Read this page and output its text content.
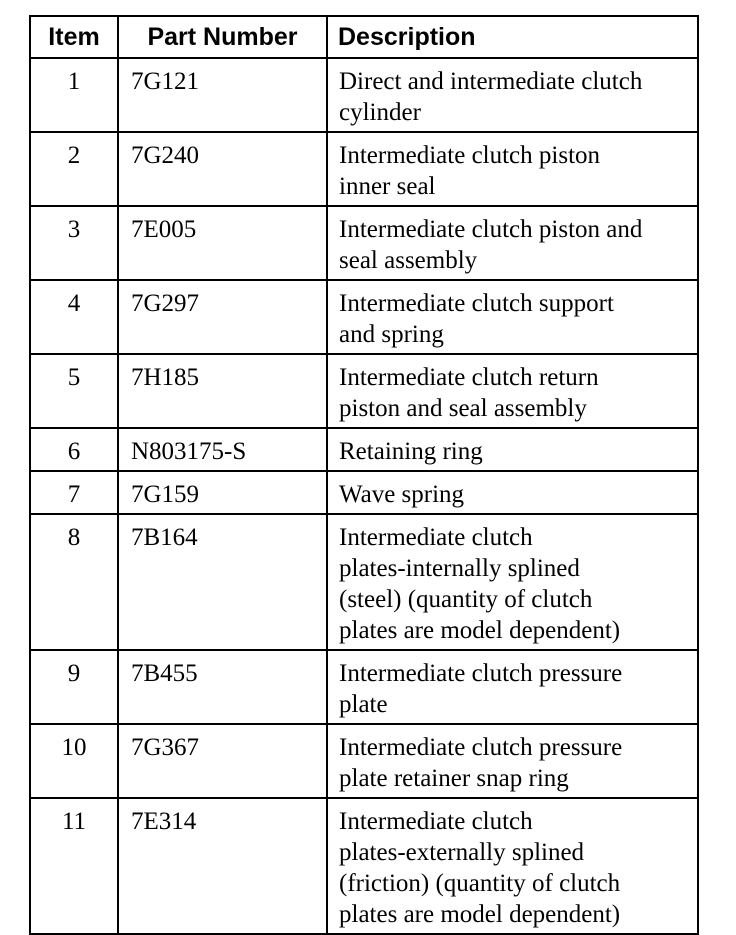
Item	Part Number	Description
1	7G121	Direct and intermediate clutch
cylinder

2	7G240	Intermediate clutch piston
inner seal

3	7E005	Intermediate clutch piston and
seal assembly

4	7G297	Intermediate clutch support
and spring

5	7H185	Intermediate clutch return
piston and seal assembly

6	N803175-S	Retaining ring

7	7G159	Wave spring

8	7B164	Intermediate clutch
plates-internally splined
(steel) (quantity of clutch
plates are model dependent)

9	7B455	Intermediate clutch pressure
plate

10	7G367	Intermediate clutch pressure
plate retainer snap ring

11	7E314	Intermediate clutch
plates-externally splined
(friction) (quantity of clutch
plates are model dependent)
